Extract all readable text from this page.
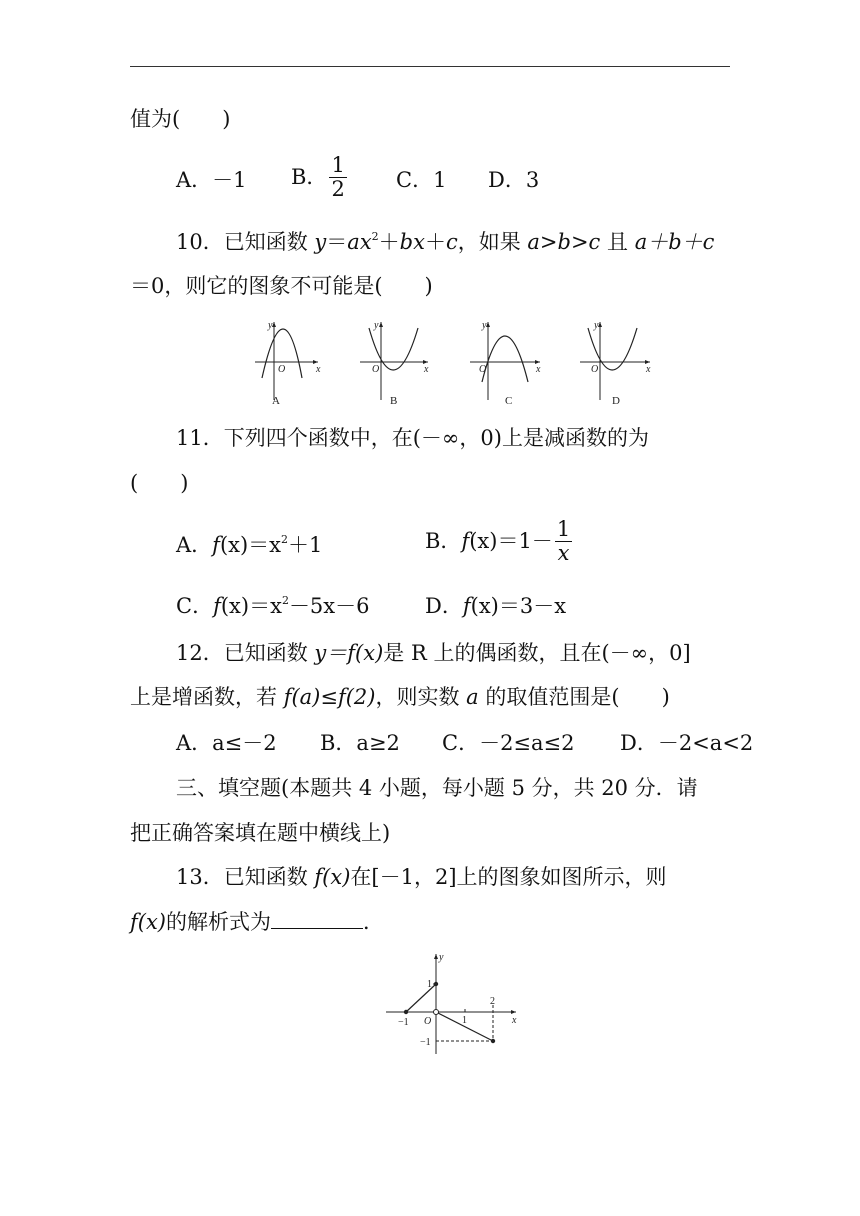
值为(　　)
A．－1 B． $\frac{1}{2}$ C．1 D．3
10．已知函数 $y=ax^2+bx+c$，如果 a>b>c 且 a＋b＋c
＝0，则它的图象不可能是(　　)
y
x
O
y
x
O
y
x
O
y
x
O
A	B	C	D
11．下列四个函数中，在(－∞，0)上是减函数的为
(　　)
A．$f(x)=x^2+1$	B．$f(x)=1- \frac{1}{x}$
C．$f(x)=x^2-5x-6$	D．f(x)＝3－x
12．已知函数 y＝f(x)是 R 上的偶函数，且在(－∞，0]
上是增函数，若 f(a)≤f(2)，则实数 a 的取值范围是(　　)
A．a≤－2 B．a≥2 C．－2≤a≤2 D．－2<a<2
三、填空题(本题共 4 小题，每小题 5 分，共 20 分．请
把正确答案填在题中横线上)
13．已知函数 f(x)在[－1，2]上的图象如图所示，则
f(x)的解析式为	．
y
x
O
1
−1	1
2
−1
